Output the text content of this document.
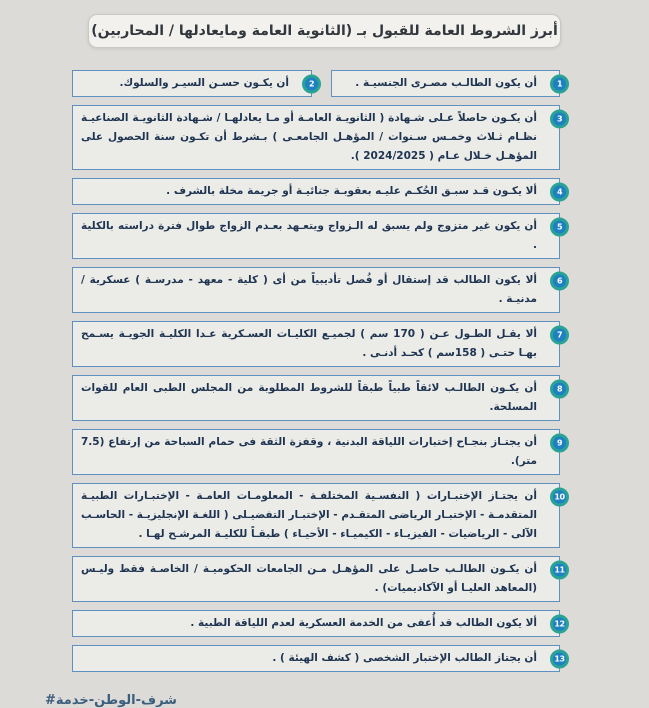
أبرز الشروط العامة للقبول بـ (الثانوية العامة ومايعادلها / المحاربين)
1
أن يكون الطالـب مصـرى الجنسيـة .
2
أن يكـون حسـن السيـر والسلوك.
3
أن يكـون حاصلاً عـلى شـهادة ( الثانويـة العامـة أو مـا يعادلهـا / شـهادة الثانويـة الصناعيـة نظـام ثـلاث وخمـس سـنوات / المؤهـل الجامعـى ) بـشرط أن تكـون سنة الحصول على المؤهـل خـلال عـام ( 2024/2025 ).
4
ألا يكـون قـد سبـق الحُكـم عليـه بعقوبـة جنائيـة أو جريمة مخلة بالشرف .
5
أن يكون غير متزوج ولم يسبق له الـزواج ويتعـهد بعـدم الزواج طوال فترة دراسته بالكلية .
6
ألا يكون الطالب قد إستقال أو فُصل تأديبياً من أى ( كلية - معهد - مدرسـة ) عسكرية / مدنيـة .
7
ألا يقـل الطـول عـن ( 170 سم ) لجميـع الكليـات العسـكرية عـدا الكليـة الجويـة يسـمح بهـا حتـى ( 158سم ) كحـد أدنـى .
8
أن يكـون الطالـب لائقاً طبياً طبقاً للشروط المطلوبة من المجلس الطبى العام للقوات المسلحة.
9
أن يجتـاز بنجـاح إختبارات اللياقة البدنية ، وقفزة الثقة فى حمام السباحة من إرتفاع (7.5 متر).
10
أن يجتـاز الإختبـارات ( النفسـية المختلفـة - المعلومـات العامـة - الإختبـارات الطبيـة المتقدمـة - الإختبـار الرياضى المتقـدم - الإختبـار التفضيـلى ( اللغـة الإنجليزيـة - الحاسـب الآلى - الرياضيات - الفيزيـاء - الكيميـاء - الأحيـاء ) طبقـاً للكليـة المرشـح لهـا .
11
أن يكـون الطالـب حاصـل على المؤهـل مـن الجامعات الحكوميـة / الخاصـة فقط وليـس (المعاهد العليـا أو الآكاديميات) .
12
ألا يكون الطالب قد أُعفى من الخدمة العسكرية لعدم اللياقة الطبية .
13
أن يجتاز الطالب الإختبار الشخصى ( كشف الهيئة ) .
#خدمة‎-‎الوطن‎-‎شرف
